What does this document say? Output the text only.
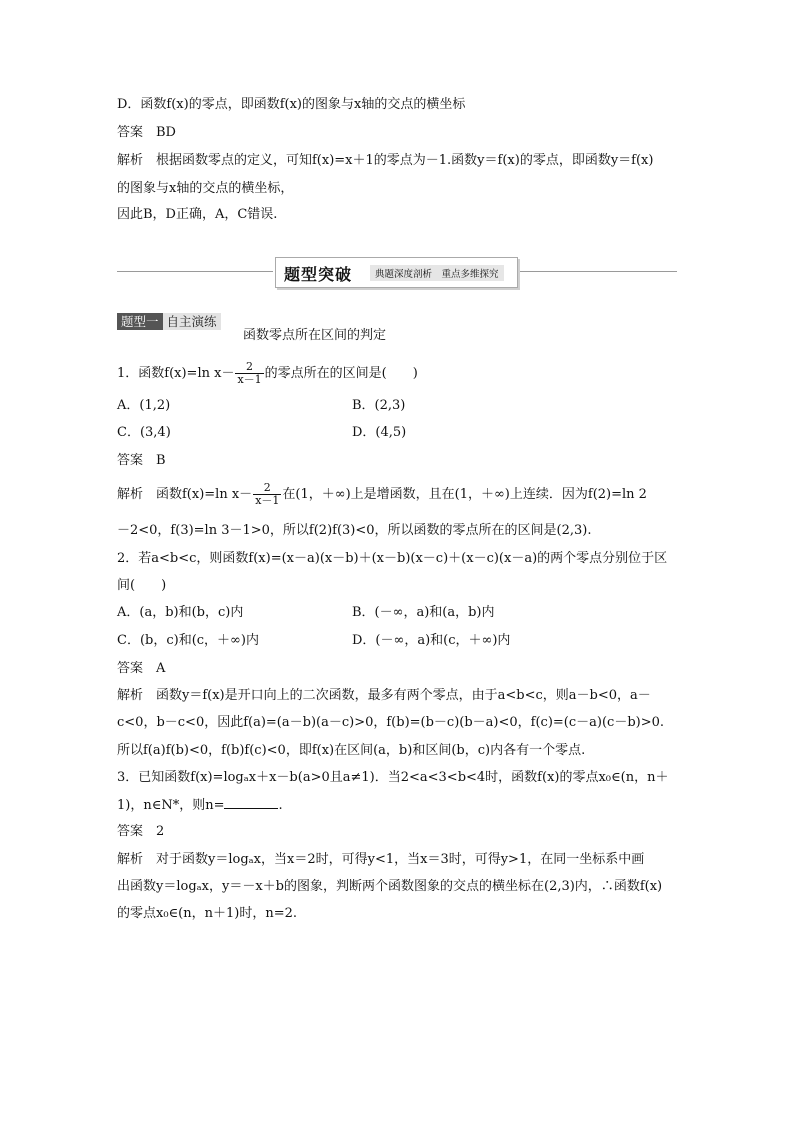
D．函数f(x)的零点，即函数f(x)的图象与x轴的交点的横坐标
答案　BD
解析　根据函数零点的定义，可知f(x)=x＋1的零点为－1.函数y＝f(x)的零点，即函数y＝f(x)
的图象与x轴的交点的横坐标，
因此B，D正确，A，C错误.
题型突破	典题深度剖析　重点多维探究
题型一 自主演练
函数零点所在区间的判定
1．函数f(x)=ln $x- \frac{2}{x-1}$ 的零点所在的区间是(　　)
A．(1,2)	B．(2,3)
C．(3,4)	D．(4,5)
答案　B
解析　函数f(x)=ln $x- \frac{2}{x-1}$ 在(1，＋∞)上是增函数，且在(1，＋∞)上连续．因为f(2)=ln 2
－2<0，f(3)=ln 3－1>0，所以f(2)f(3)<0，所以函数的零点所在的区间是(2,3).
2．若a<b<c，则函数f(x)=(x－a)(x－b)＋(x－b)(x－c)＋(x－c)(x－a)的两个零点分别位于区
间(　　)
A．(a，b)和(b，c)内	B．(－∞，a)和(a，b)内
C．(b，c)和(c，＋∞)内	D．(－∞，a)和(c，＋∞)内
答案　A
解析　函数y＝f(x)是开口向上的二次函数，最多有两个零点，由于a<b<c，则a－b<0，a－
c<0，b－c<0，因此f(a)=(a－b)(a－c)>0，f(b)=(b－c)(b－a)<0，f(c)=(c－a)(c－b)>0.
所以f(a)f(b)<0，f(b)f(c)<0，即f(x)在区间(a，b)和区间(b，c)内各有一个零点.
3．已知函数f(x)=logₐx＋x－b(a>0且a≠1)．当2<a<3<b<4时，函数f(x)的零点x₀∈(n，n＋
1)，n∈N*，则n=	.
答案　2
解析　对于函数y＝logₐx，当x＝2时，可得y<1，当x＝3时，可得y>1，在同一坐标系中画
出函数y＝logₐx，y＝－x＋b的图象，判断两个函数图象的交点的横坐标在(2,3)内，∴函数f(x)
的零点x₀∈(n，n＋1)时，n=2.
